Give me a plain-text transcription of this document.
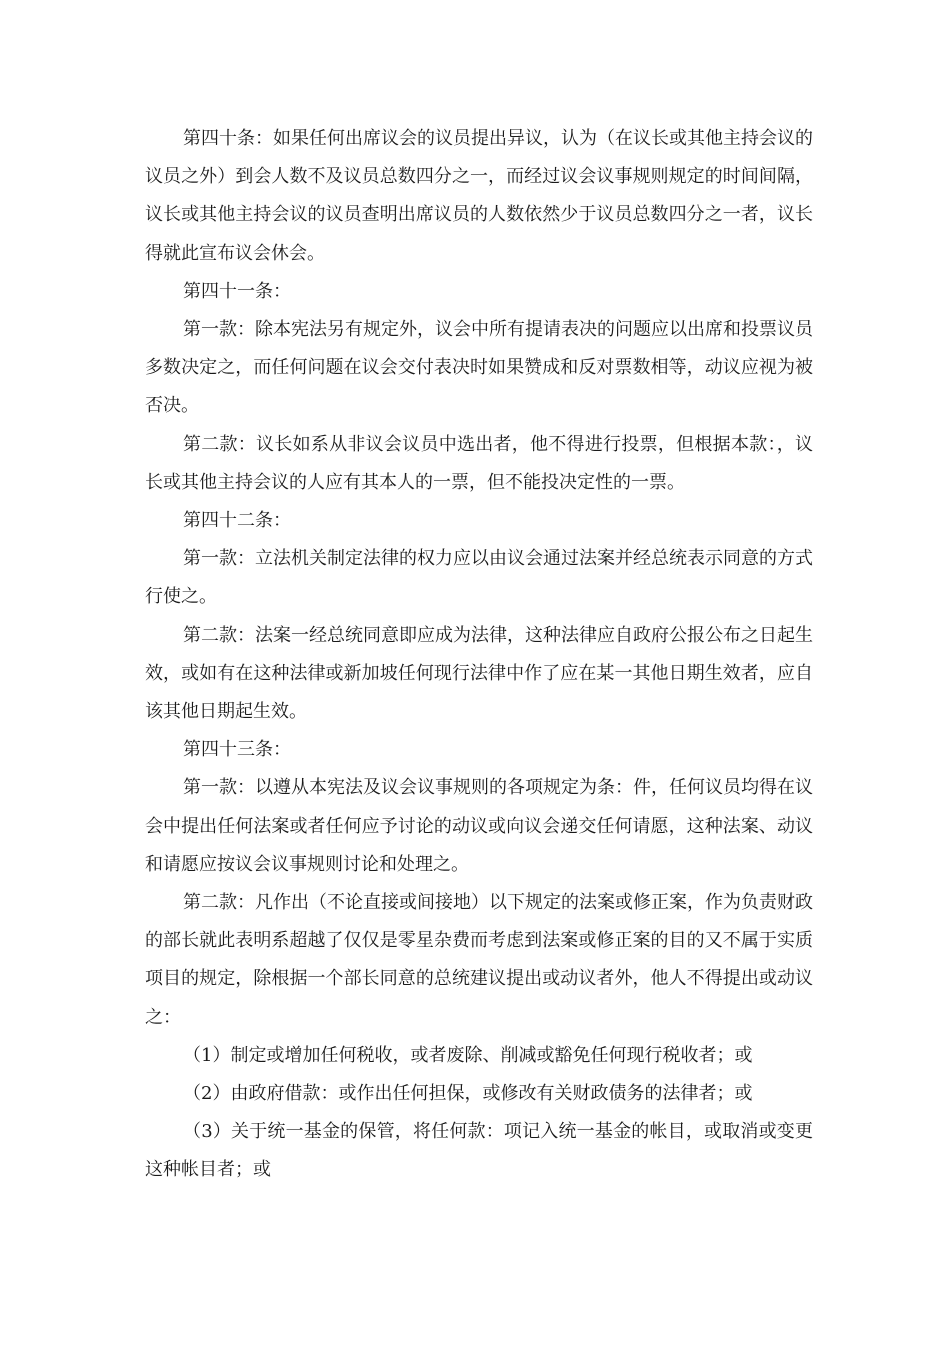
第四十条：如果任何出席议会的议员提出异议，认为（在议长或其他主持会议的议员之外）到会人数不及议员总数四分之一，而经过议会议事规则规定的时间间隔，议长或其他主持会议的议员查明出席议员的人数依然少于议员总数四分之一者，议长得就此宣布议会休会。

第四十一条：

第一款：除本宪法另有规定外，议会中所有提请表决的问题应以出席和投票议员多数决定之，而任何问题在议会交付表决时如果赞成和反对票数相等，动议应视为被否决。

第二款：议长如系从非议会议员中选出者，他不得进行投票，但根据本款：，议长或其他主持会议的人应有其本人的一票，但不能投决定性的一票。

第四十二条：

第一款：立法机关制定法律的权力应以由议会通过法案并经总统表示同意的方式行使之。

第二款：法案一经总统同意即应成为法律，这种法律应自政府公报公布之日起生效，或如有在这种法律或新加坡任何现行法律中作了应在某一其他日期生效者，应自该其他日期起生效。

第四十三条：

第一款：以遵从本宪法及议会议事规则的各项规定为条：件，任何议员均得在议会中提出任何法案或者任何应予讨论的动议或向议会递交任何请愿，这种法案、动议和请愿应按议会议事规则讨论和处理之。

第二款：凡作出（不论直接或间接地）以下规定的法案或修正案，作为负责财政的部长就此表明系超越了仅仅是零星杂费而考虑到法案或修正案的目的又不属于实质项目的规定，除根据一个部长同意的总统建议提出或动议者外，他人不得提出或动议之：

（1）制定或增加任何税收，或者废除、削减或豁免任何现行税收者；或

（2）由政府借款：或作出任何担保，或修改有关财政债务的法律者；或

（3）关于统一基金的保管，将任何款：项记入统一基金的帐目，或取消或变更这种帐目者；或
